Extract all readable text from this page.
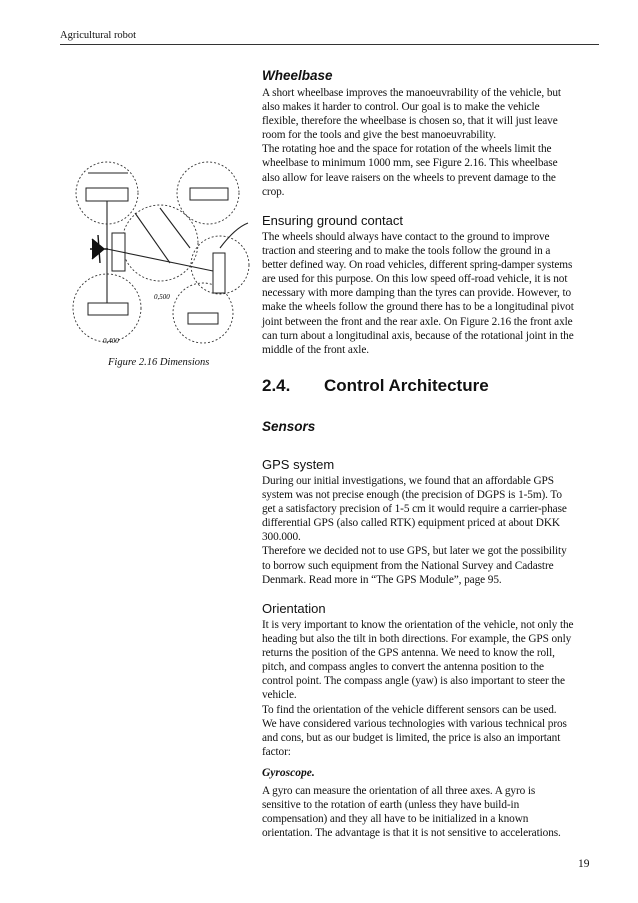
Agricultural robot
0,400
0,500
Figure 2.16 Dimensions
Wheelbase
A short wheelbase improves the manoeuvrability of the vehicle, but
also makes it harder to control. Our goal is to make the vehicle
flexible, therefore the wheelbase is chosen so, that it will just leave
room for the tools and give the best manoeuvrability.
The rotating hoe and the space for rotation of the wheels limit the
wheelbase to minimum 1000 mm, see Figure 2.16. This wheelbase
also allow for leave raisers on the wheels to prevent damage to the
crop.
Ensuring ground contact
The wheels should always have contact to the ground to improve
traction and steering and to make the tools follow the ground in a
better defined way. On road vehicles, different spring-damper systems
are used for this purpose. On this low speed off-road vehicle, it is not
necessary with more damping than the tyres can provide. However, to
make the wheels follow the ground there has to be a longitudinal pivot
joint between the front and the rear axle. On Figure 2.16 the front axle
can turn about a longitudinal axis, because of the rotational joint in the
middle of the front axle.
2.4. Control Architecture
Sensors
GPS system
During our initial investigations, we found that an affordable GPS
system was not precise enough (the precision of DGPS is 1-5m). To
get a satisfactory precision of 1-5 cm it would require a carrier-phase
differential GPS (also called RTK) equipment priced at about DKK
300.000.
Therefore we decided not to use GPS, but later we got the possibility
to borrow such equipment from the National Survey and Cadastre
Denmark. Read more in “The GPS Module”, page 95.
Orientation
It is very important to know the orientation of the vehicle, not only the
heading but also the tilt in both directions. For example, the GPS only
returns the position of the GPS antenna. We need to know the roll,
pitch, and compass angles to convert the antenna position to the
control point. The compass angle (yaw) is also important to steer the
vehicle.
To find the orientation of the vehicle different sensors can be used.
We have considered various technologies with various technical pros
and cons, but as our budget is limited, the price is also an important
factor:
Gyroscope.
A gyro can measure the orientation of all three axes. A gyro is
sensitive to the rotation of earth (unless they have build-in
compensation) and they all have to be initialized in a known
orientation. The advantage is that it is not sensitive to accelerations.
19
